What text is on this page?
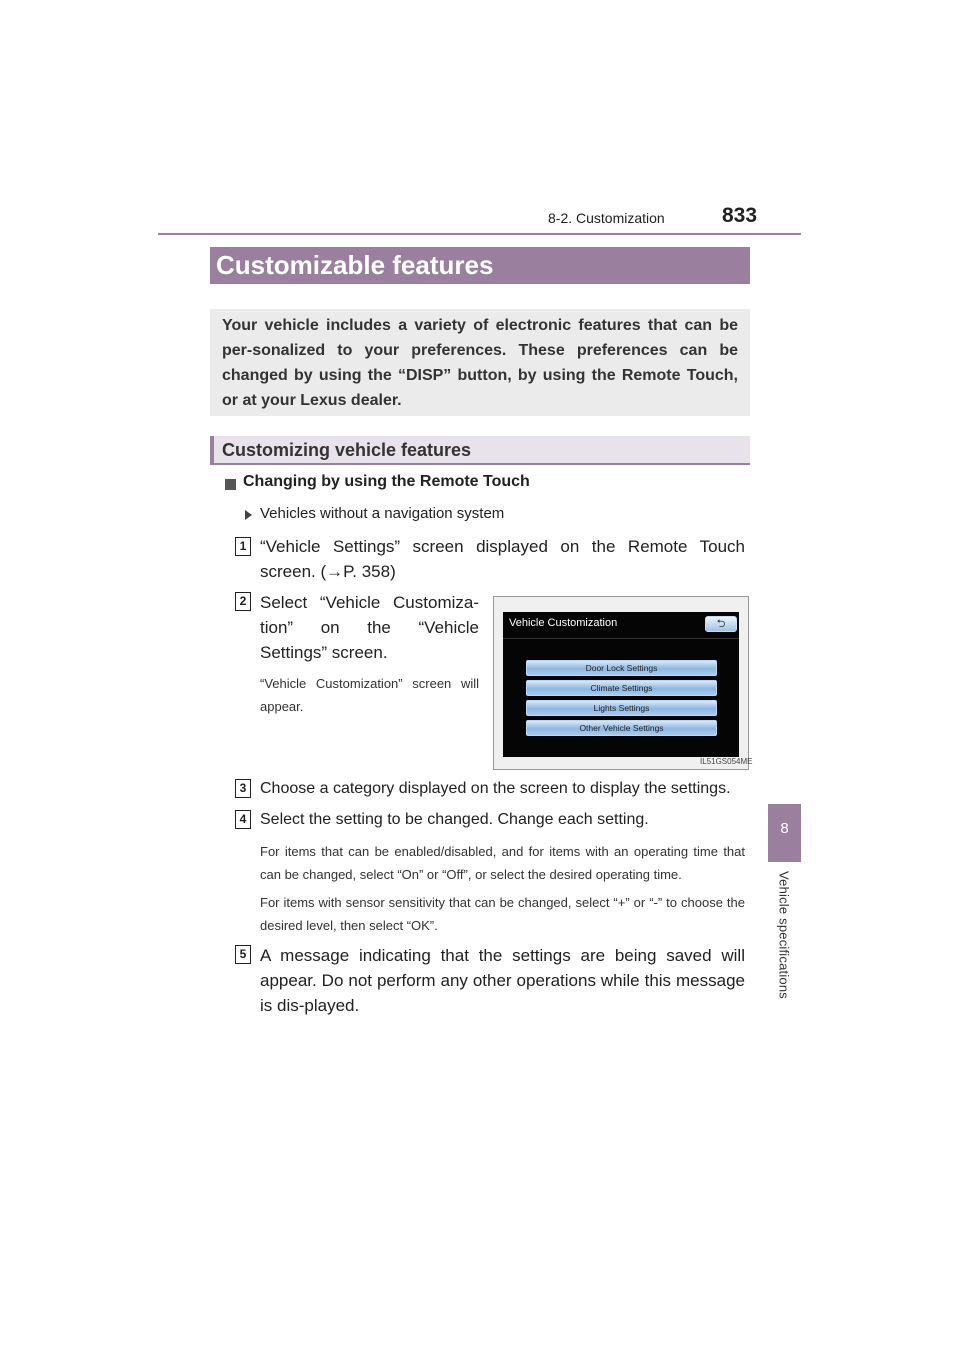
8-2. Customization	833
8
Vehicle specifications
Customizable features

Your vehicle includes a variety of electronic features that can be per-sonalized to your preferences. These preferences can be changed by using the “DISP” button, by using the Remote Touch, or at your Lexus dealer.

Customizing vehicle features
Changing by using the Remote Touch
Vehicles without a navigation system
1 “Vehicle Settings” screen displayed on the Remote Touch screen. (→P. 358)
2 Select “Vehicle Customiza-tion” on the “Vehicle Settings” screen.
“Vehicle Customization” screen will appear.
Vehicle Customization	⮌
Door Lock Settings
Climate Settings
Lights Settings
Other Vehicle Settings
IL51GS054ME
3 Choose a category displayed on the screen to display the settings.
4 Select the setting to be changed. Change each setting.
For items that can be enabled/disabled, and for items with an operating time that can be changed, select “On” or “Off”, or select the desired operating time.
For items with sensor sensitivity that can be changed, select “+” or “-” to choose the desired level, then select “OK”.
5 A message indicating that the settings are being saved will appear. Do not perform any other operations while this message is dis-played.
